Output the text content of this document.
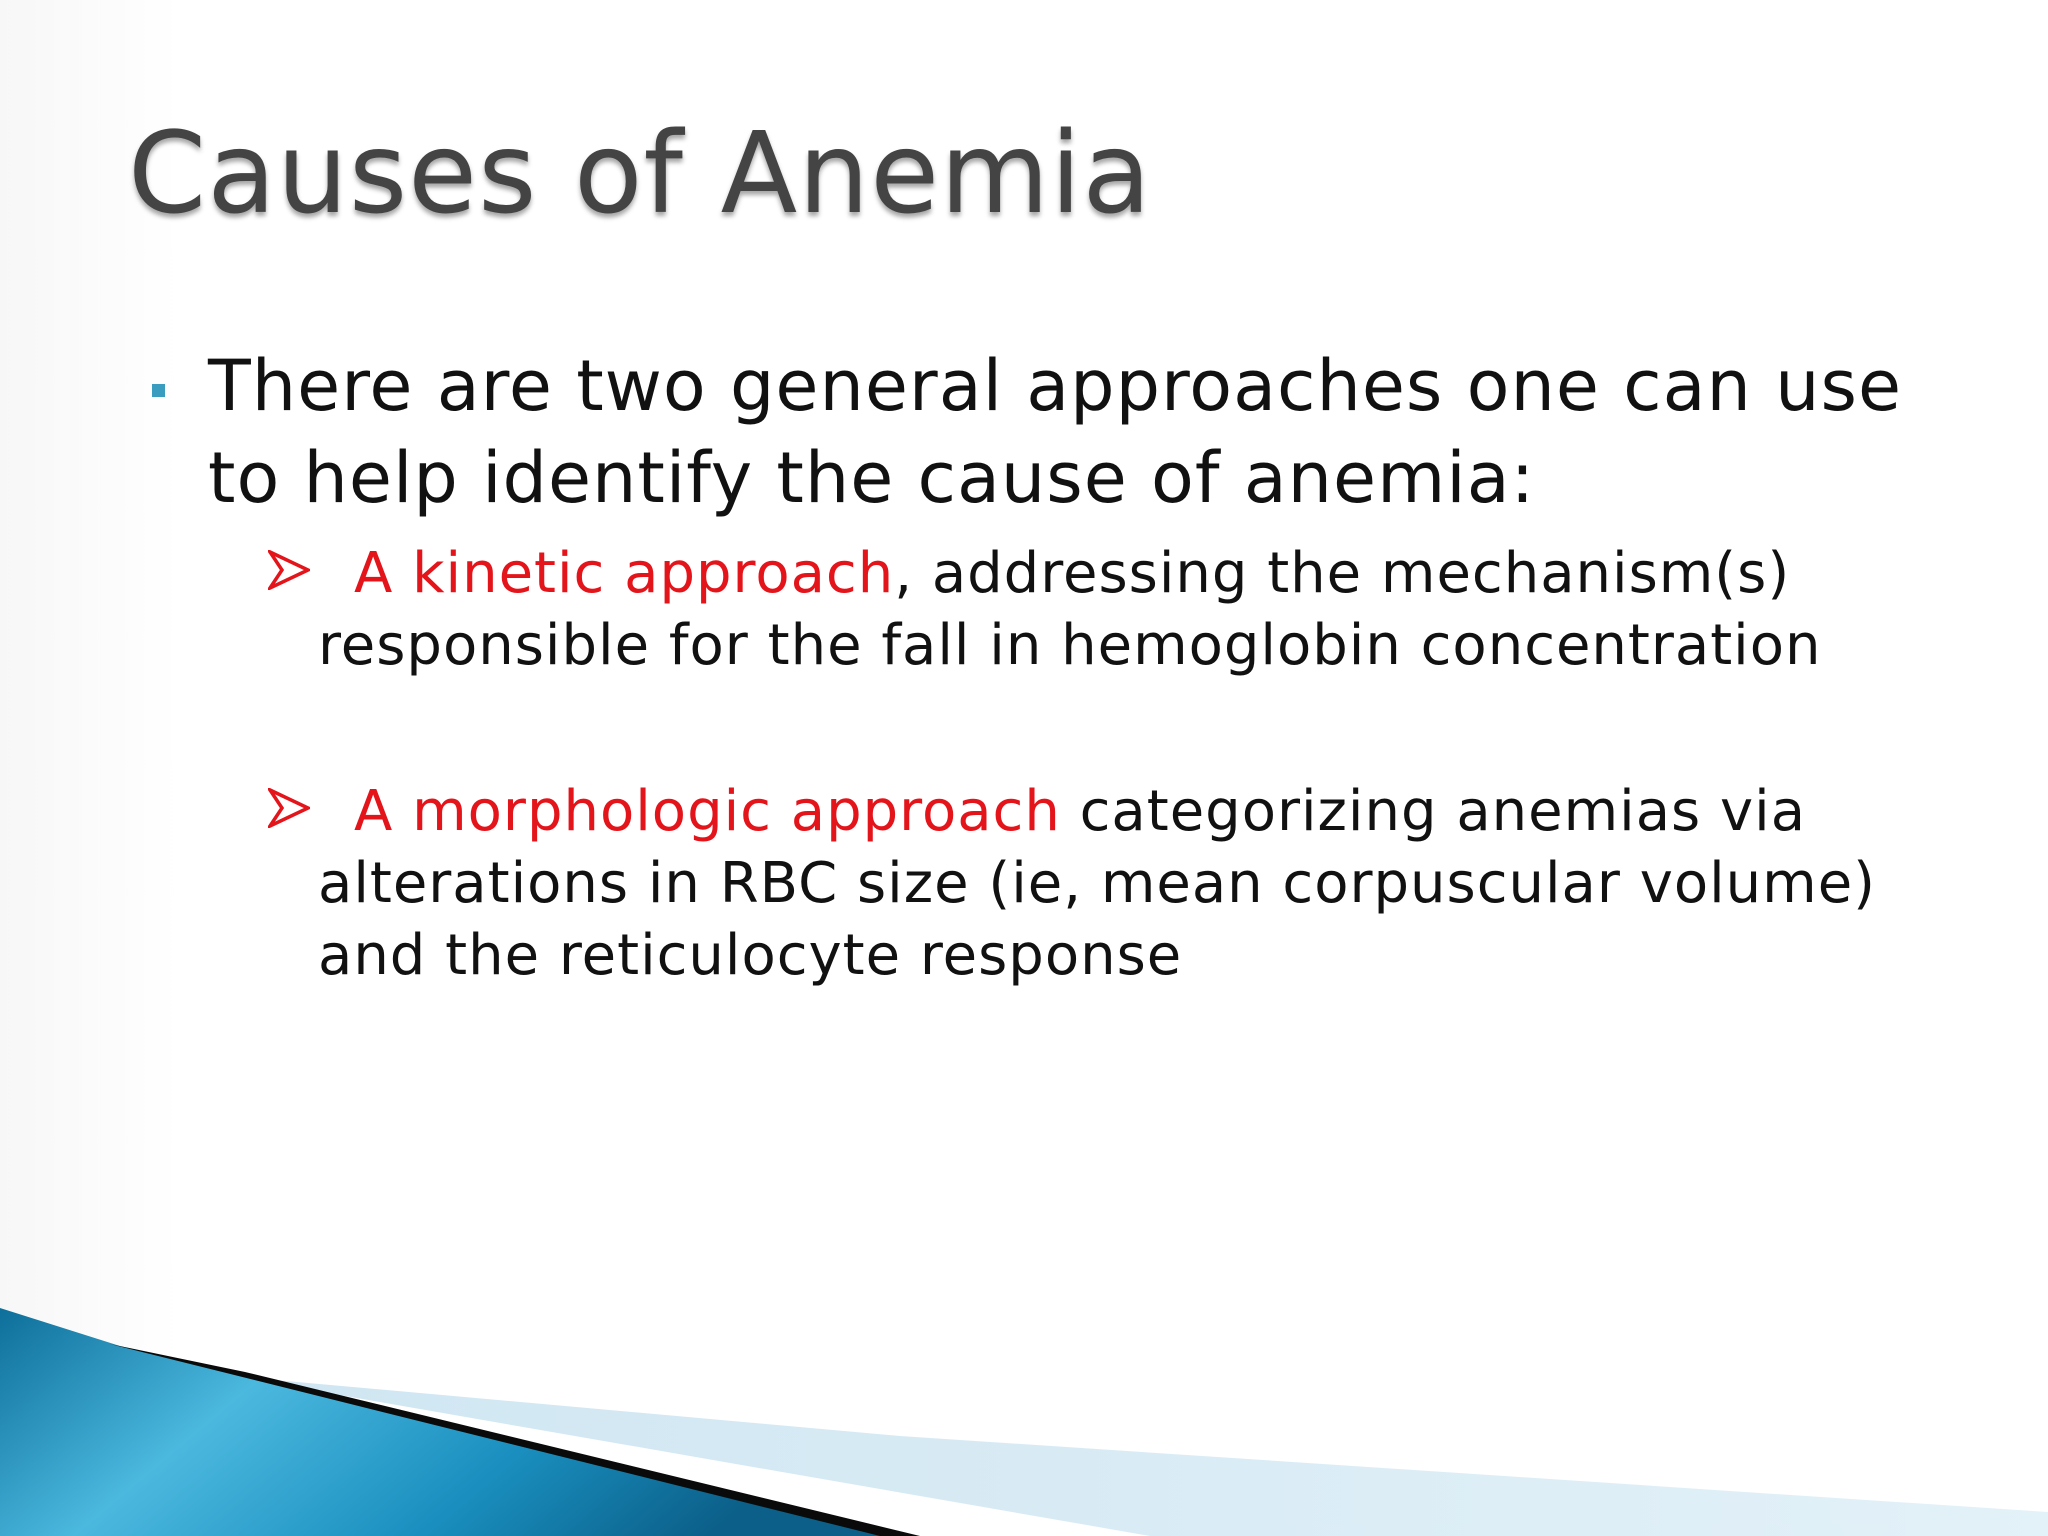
Causes of Anemia
There are two general approaches one can use to help identify the cause of anemia:
A kinetic approach, addressing the mechanism(s) responsible for the fall in hemoglobin concentration
A morphologic approach categorizing anemias via alterations in RBC size (ie, mean corpuscular volume) and the reticulocyte response
